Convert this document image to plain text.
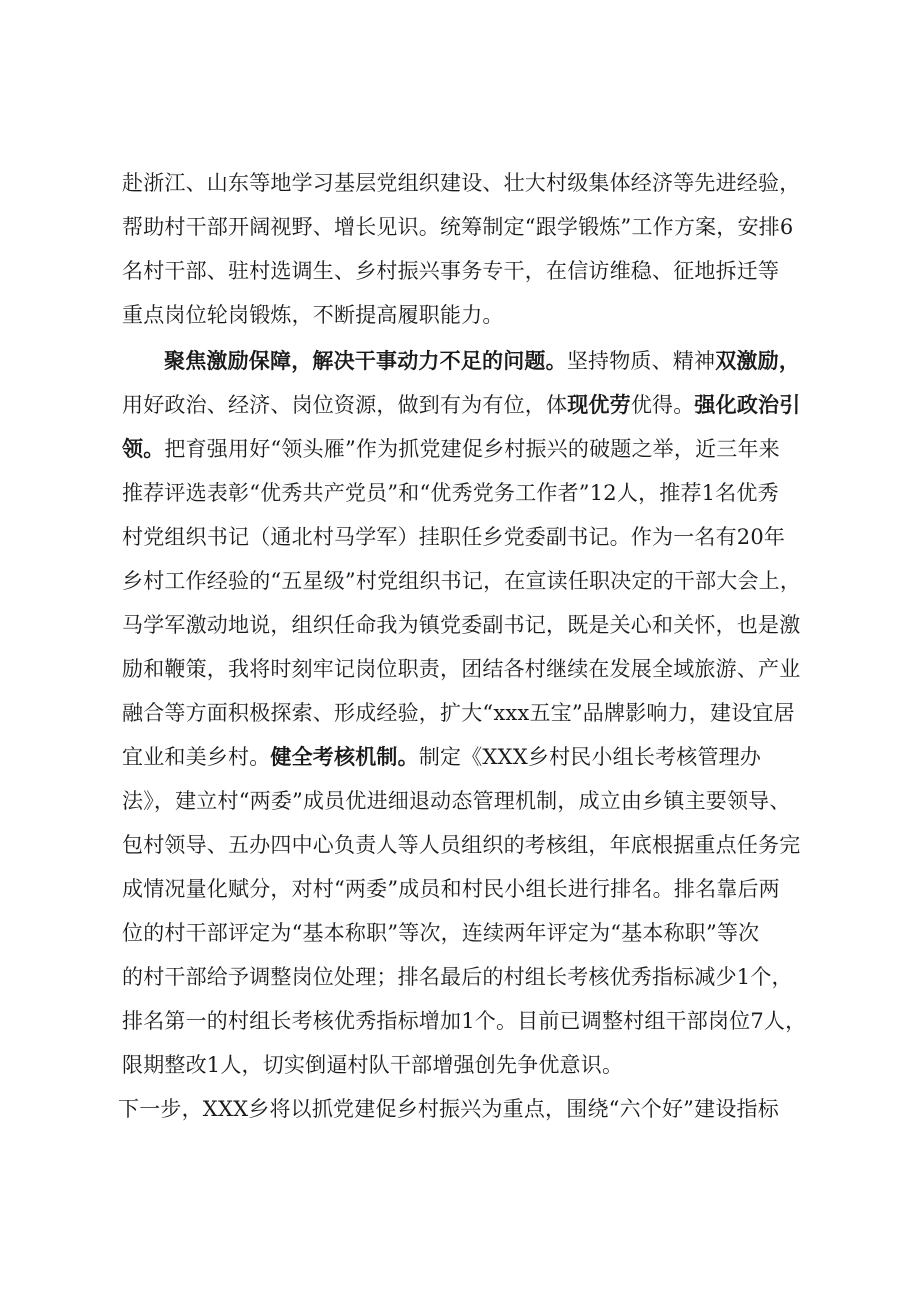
赴浙江、山东等地学习基层党组织建设、壮大村级集体经济等先进经验，
帮助村干部开阔视野、增长见识。统筹制定“跟学锻炼”工作方案，安排6
名村干部、驻村选调生、乡村振兴事务专干，在信访维稳、征地拆迁等
重点岗位轮岗锻炼，不断提高履职能力。
聚焦激励保障，解决干事动力不足的问题。坚持物质、精神双激励，
用好政治、经济、岗位资源，做到有为有位，体现优劳优得。强化政治引
领。把育强用好“领头雁”作为抓党建促乡村振兴的破题之举，近三年来
推荐评选表彰“优秀共产党员”和“优秀党务工作者”12人，推荐1名优秀
村党组织书记（通北村马学军）挂职任乡党委副书记。作为一名有20年
乡村工作经验的“五星级”村党组织书记，在宣读任职决定的干部大会上，
马学军激动地说，组织任命我为镇党委副书记，既是关心和关怀，也是激
励和鞭策，我将时刻牢记岗位职责，团结各村继续在发展全域旅游、产业
融合等方面积极探索、形成经验，扩大“xxx五宝”品牌影响力，建设宜居
宜业和美乡村。健全考核机制。制定《XXX乡村民小组长考核管理办
法》，建立村“两委”成员优进细退动态管理机制，成立由乡镇主要领导、
包村领导、五办四中心负责人等人员组织的考核组，年底根据重点任务完
成情况量化赋分，对村“两委”成员和村民小组长进行排名。排名靠后两
位的村干部评定为“基本称职”等次，连续两年评定为“基本称职”等次
的村干部给予调整岗位处理；排名最后的村组长考核优秀指标减少1个，
排名第一的村组长考核优秀指标增加1个。目前已调整村组干部岗位7人，
限期整改1人，切实倒逼村队干部增强创先争优意识。
下一步，XXX乡将以抓党建促乡村振兴为重点，围绕“六个好”建设指标
